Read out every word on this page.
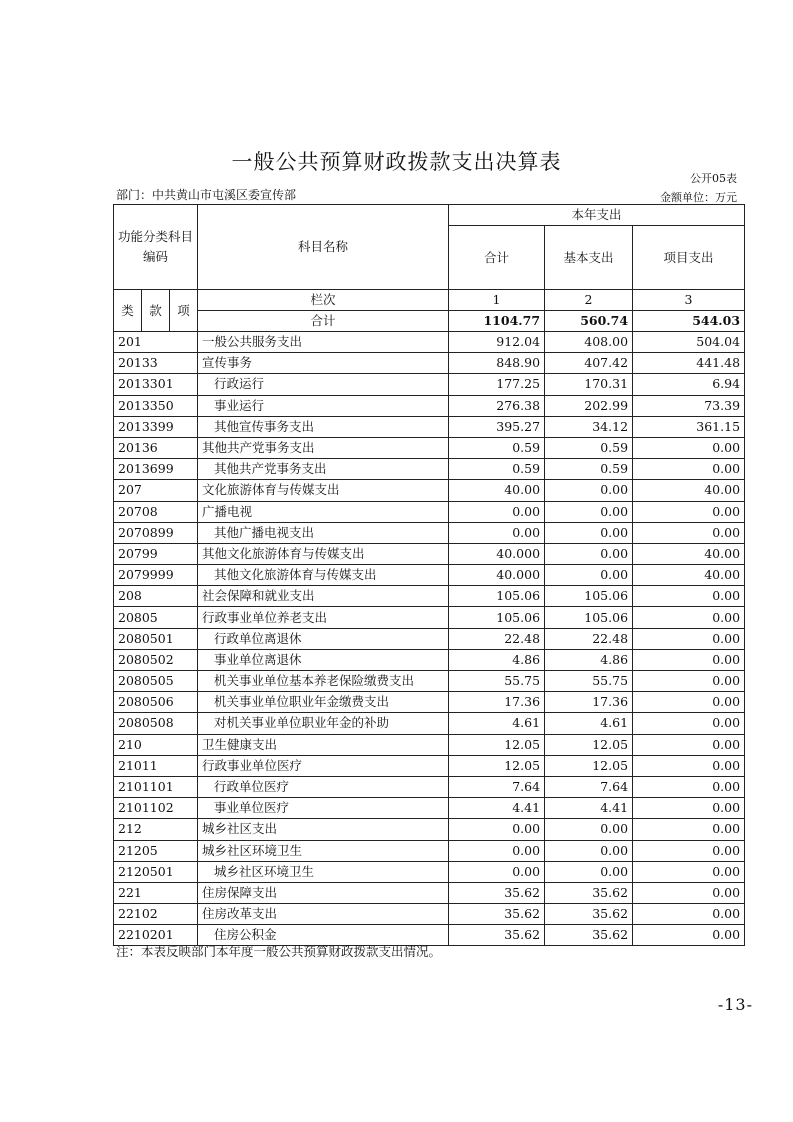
一般公共预算财政拨款支出决算表
公开05表
部门：中共黄山市屯溪区委宣传部	金额单位：万元
功能分类科目编码			科目名称	本年支出		
				合计	基本支出	项目支出
类	款	项	栏次	1	2	3
			合计	1104.77	560.74	544.03
201			一般公共服务支出	912.04	408.00	504.04
20133			宣传事务	848.90	407.42	441.48
2013301			行政运行	177.25	170.31	6.94
2013350			事业运行	276.38	202.99	73.39
2013399			其他宣传事务支出	395.27	34.12	361.15
20136			其他共产党事务支出	0.59	0.59	0.00
2013699			其他共产党事务支出	0.59	0.59	0.00
207			文化旅游体育与传媒支出	40.00	0.00	40.00
20708			广播电视	0.00	0.00	0.00
2070899			其他广播电视支出	0.00	0.00	0.00
20799			其他文化旅游体育与传媒支出	40.000	0.00	40.00
2079999			其他文化旅游体育与传媒支出	40.000	0.00	40.00
208			社会保障和就业支出	105.06	105.06	0.00
20805			行政事业单位养老支出	105.06	105.06	0.00
2080501			行政单位离退休	22.48	22.48	0.00
2080502			事业单位离退休	4.86	4.86	0.00
2080505			机关事业单位基本养老保险缴费支出	55.75	55.75	0.00
2080506			机关事业单位职业年金缴费支出	17.36	17.36	0.00
2080508			对机关事业单位职业年金的补助	4.61	4.61	0.00
210			卫生健康支出	12.05	12.05	0.00
21011			行政事业单位医疗	12.05	12.05	0.00
2101101			行政单位医疗	7.64	7.64	0.00
2101102			事业单位医疗	4.41	4.41	0.00
212			城乡社区支出	0.00	0.00	0.00
21205			城乡社区环境卫生	0.00	0.00	0.00
2120501			城乡社区环境卫生	0.00	0.00	0.00
221			住房保障支出	35.62	35.62	0.00
22102			住房改革支出	35.62	35.62	0.00
2210201			住房公积金	35.62	35.62	0.00
注：本表反映部门本年度一般公共预算财政拨款支出情况。
-13-
